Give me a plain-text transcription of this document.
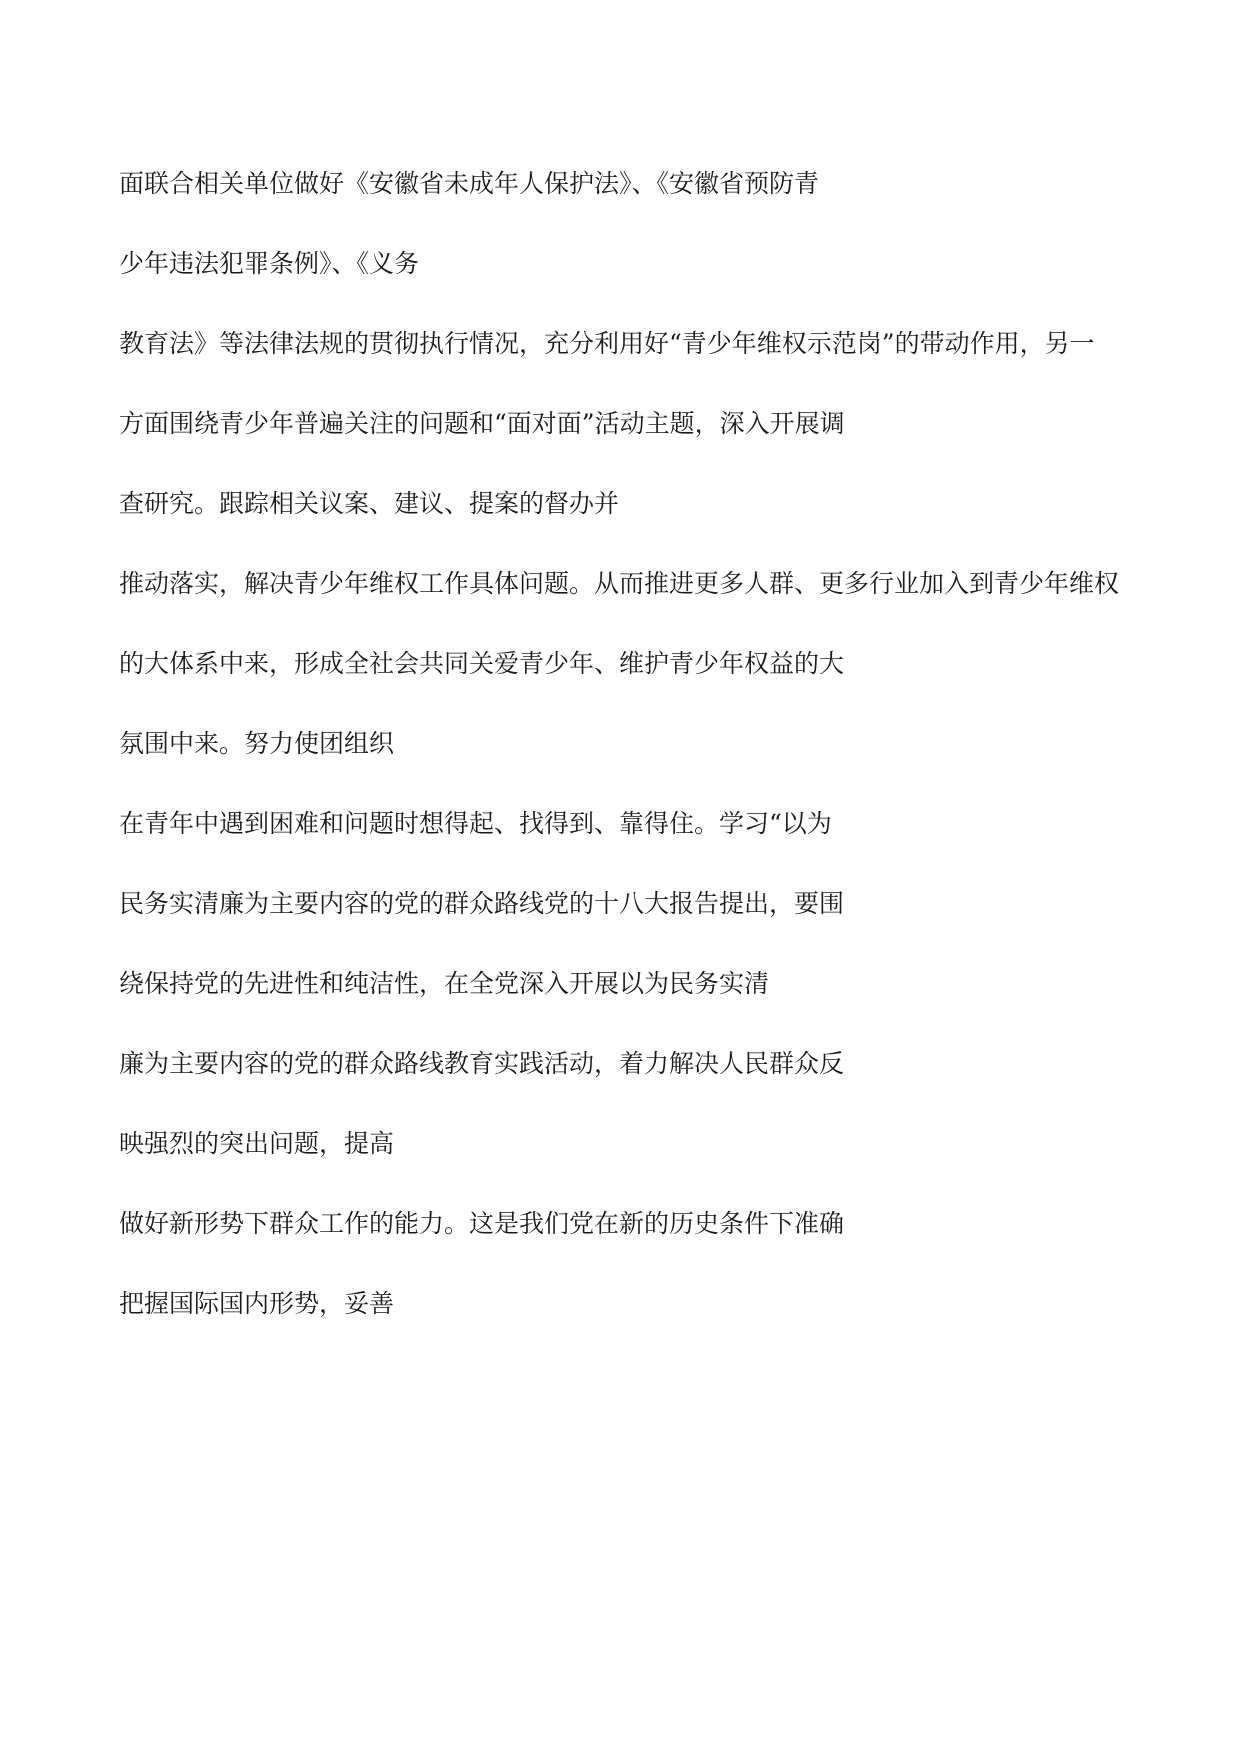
面联合相关单位做好《安徽省未成年人保护法》、《安徽省预防青
少年违法犯罪条例》、《义务
教育法》等法律法规的贯彻执行情况，充分利用好“青少年维权示范岗”的带动作用，另一
方面围绕青少年普遍关注的问题和“面对面”活动主题，深入开展调
查研究。跟踪相关议案、建议、提案的督办并
推动落实，解决青少年维权工作具体问题。从而推进更多人群、更多行业加入到青少年维权
的大体系中来，形成全社会共同关爱青少年、维护青少年权益的大
氛围中来。努力使团组织
在青年中遇到困难和问题时想得起、找得到、靠得住。学习“以为
民务实清廉为主要内容的党的群众路线党的十八大报告提出，要围
绕保持党的先进性和纯洁性，在全党深入开展以为民务实清
廉为主要内容的党的群众路线教育实践活动，着力解决人民群众反
映强烈的突出问题，提高
做好新形势下群众工作的能力。这是我们党在新的历史条件下准确
把握国际国内形势，妥善
